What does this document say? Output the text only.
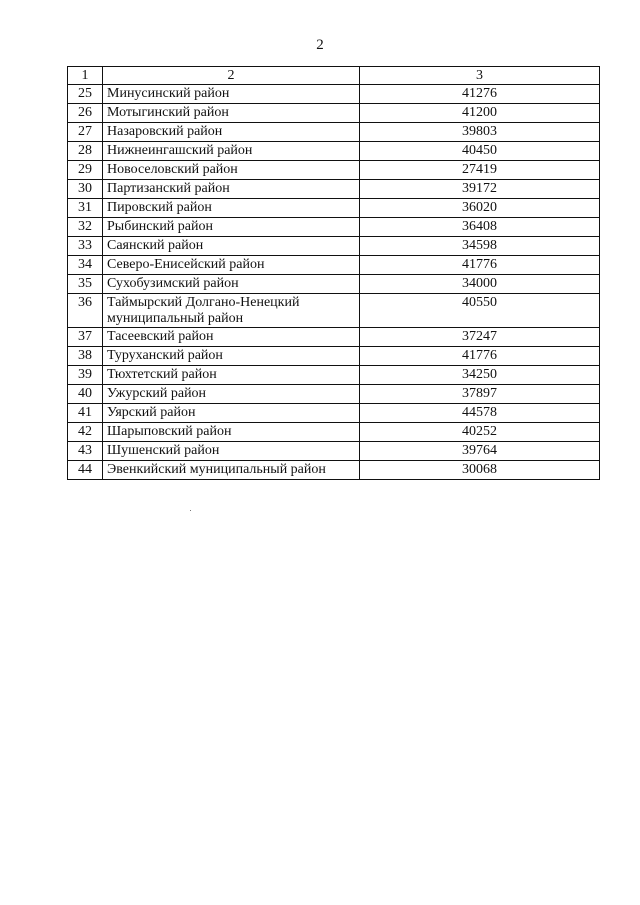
2
1	2	3
25	Минусинский район	41276
26	Мотыгинский район	41200
27	Назаровский район	39803
28	Нижнеингашский район	40450
29	Новоселовский район	27419
30	Партизанский район	39172
31	Пировский район	36020
32	Рыбинский район	36408
33	Саянский район	34598
34	Северо-Енисейский район	41776
35	Сухобузимский район	34000
36	Таймырский Долгано-Ненецкий муниципальный район	40550
37	Тасеевский район	37247
38	Туруханский район	41776
39	Тюхтетский район	34250
40	Ужурский район	37897
41	Уярский район	44578
42	Шарыповский район	40252
43	Шушенский район	39764
44	Эвенкийский муниципальный район	30068
